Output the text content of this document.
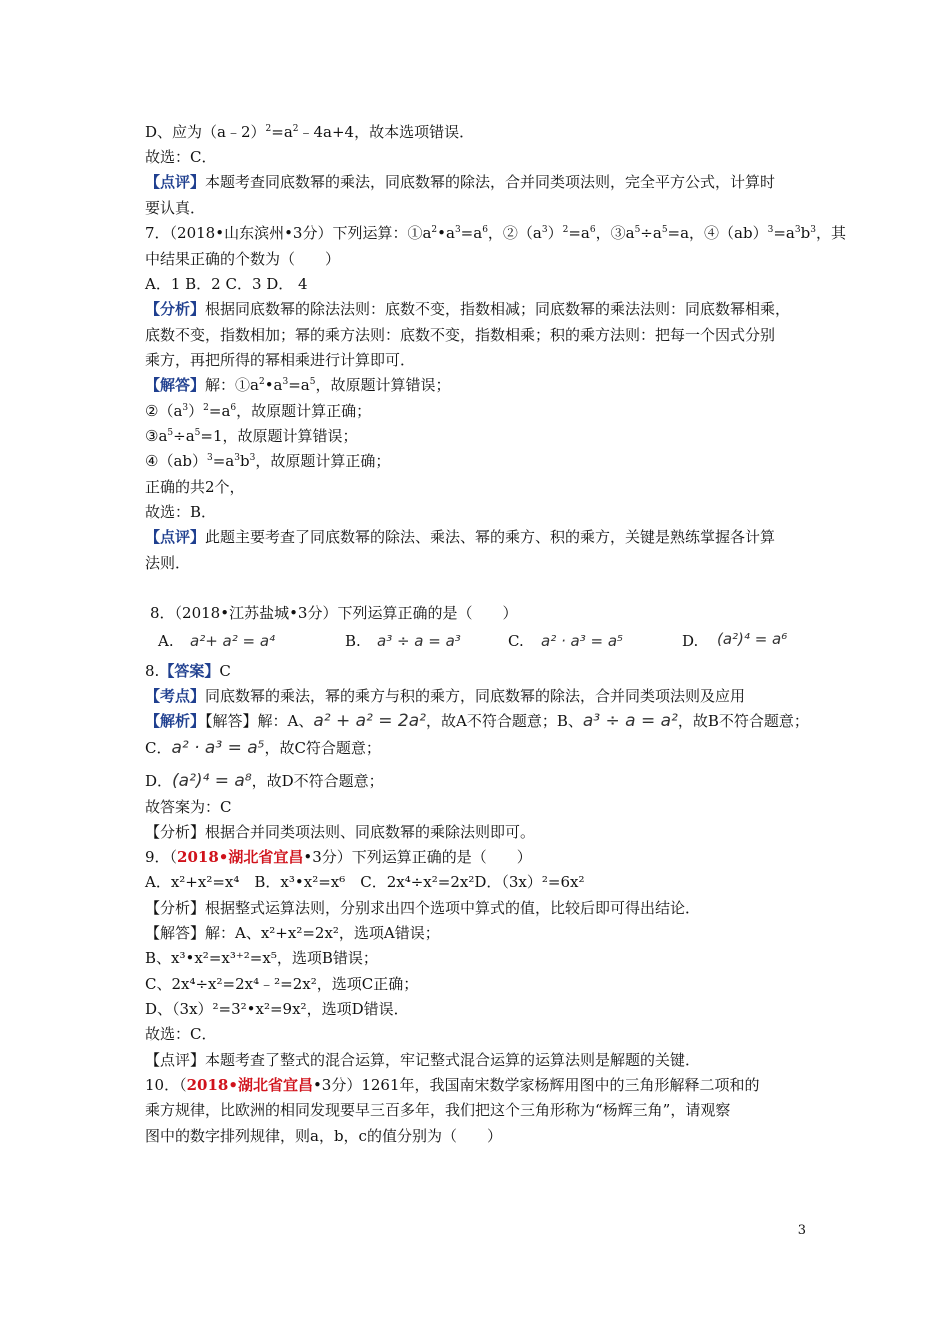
D、应为$(a﹣2)^2=a^2﹣4a+4$，故本选项错误．
故选：C．
【点评】本题考查同底数幂的乘法，同底数幂的除法，合并同类项法则，完全平方公式，计算时
要认真．
7．（2018•山东滨州•3分）下列运算：$①a^2•a^3=a^6$，$②(a^3)^2=a^6$，$③a^5\div a^5=a$，$④(ab)^3=a^3b^3$，其
中结果正确的个数为（　　）
A．1 B．2 C．3 D． 4
【分析】根据同底数幂的除法法则：底数不变，指数相减；同底数幂的乘法法则：同底数幂相乘，
底数不变，指数相加；幂的乘方法则：底数不变，指数相乘；积的乘方法则：把每一个因式分别
乘方，再把所得的幂相乘进行计算即可．
【解答】解：$①a^2•a^3=a^5$，故原题计算错误；
$②(a^3)^2=a^6$，故原题计算正确；
$③a^5\div a^5=1$，故原题计算错误；
$④(ab)^3=a^3b^3$，故原题计算正确；
正确的共2个，
故选：B．
【点评】此题主要考查了同底数幂的除法、乘法、幂的乘方、积的乘方，关键是熟练掌握各计算
法则．
8．（2018•江苏盐城•3分）下列运算正确的是（　　）
A. a²+ a² = a⁴	B. a³ ÷ a = a³	C. a² · a³ = a⁵	D. (a²)⁴ = a⁶
8.【答案】C
【考点】同底数幂的乘法，幂的乘方与积的乘方，同底数幂的除法，合并同类项法则及应用
【解析】【解答】解：A、a² + a² = 2a²，故A不符合题意；B、a³ ÷ a = a²，故B不符合题意；
C．a² · a³ = a⁵，故C符合题意；
D．(a²)⁴ = a⁸，故D不符合题意；
故答案为：C
【分析】根据合并同类项法则、同底数幂的乘除法则即可。
9．（2018•湖北省宜昌•3分）下列运算正确的是（　　）
A．x²+x²=x⁴　B．x³•x²=x⁶　C．2x⁴÷x²=2x²D．（3x）²=6x²
【分析】根据整式运算法则，分别求出四个选项中算式的值，比较后即可得出结论．
【解答】解：A、x²+x²=2x²，选项A错误；
B、x³•x²=x³⁺²=x⁵，选项B错误；
C、2x⁴÷x²=2x⁴﹣²=2x²，选项C正确；
D、（3x）²=3²•x²=9x²，选项D错误．
故选：C．
【点评】本题考查了整式的混合运算，牢记整式混合运算的运算法则是解题的关键．
10．（2018•湖北省宜昌•3分）1261年，我国南宋数学家杨辉用图中的三角形解释二项和的
乘方规律，比欧洲的相同发现要早三百多年，我们把这个三角形称为“杨辉三角”，请观察
图中的数字排列规律，则a，b，c的值分别为（　　）
3
